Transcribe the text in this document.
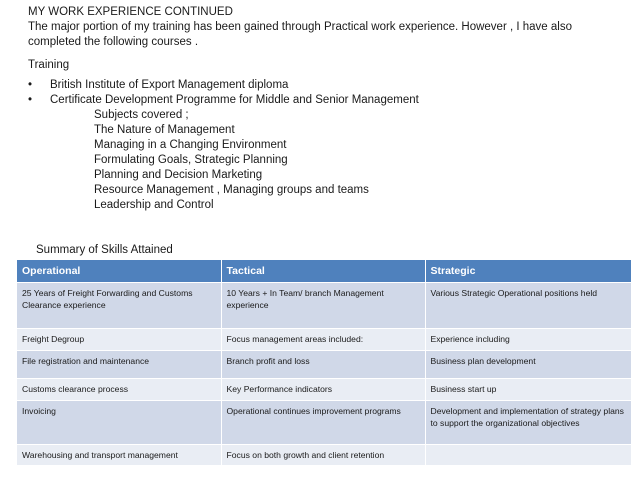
MY WORK EXPERIENCE CONTINUED
The major portion of my training has been gained through Practical work experience. However , I have also completed the following courses .
Training
•	British Institute of Export Management diploma
•	Certificate Development Programme for Middle and Senior Management
Subjects covered ;
The Nature of Management
Managing in a Changing Environment
Formulating Goals, Strategic Planning
Planning and Decision Marketing
Resource Management , Managing groups and teams
Leadership and Control
Summary of Skills Attained
Operational	Tactical	Strategic
25 Years of Freight Forwarding and Customs Clearance experience	10 Years + In Team/ branch Management experience	Various Strategic Operational positions held
Freight Degroup	Focus management areas included:	Experience including
File registration and maintenance	Branch profit and loss	Business plan development
Customs clearance process	Key Performance indicators	Business start up
Invoicing	Operational continues improvement programs	Development and implementation of strategy plans to support the organizational objectives
Warehousing and transport management	Focus on both growth and client retention	
